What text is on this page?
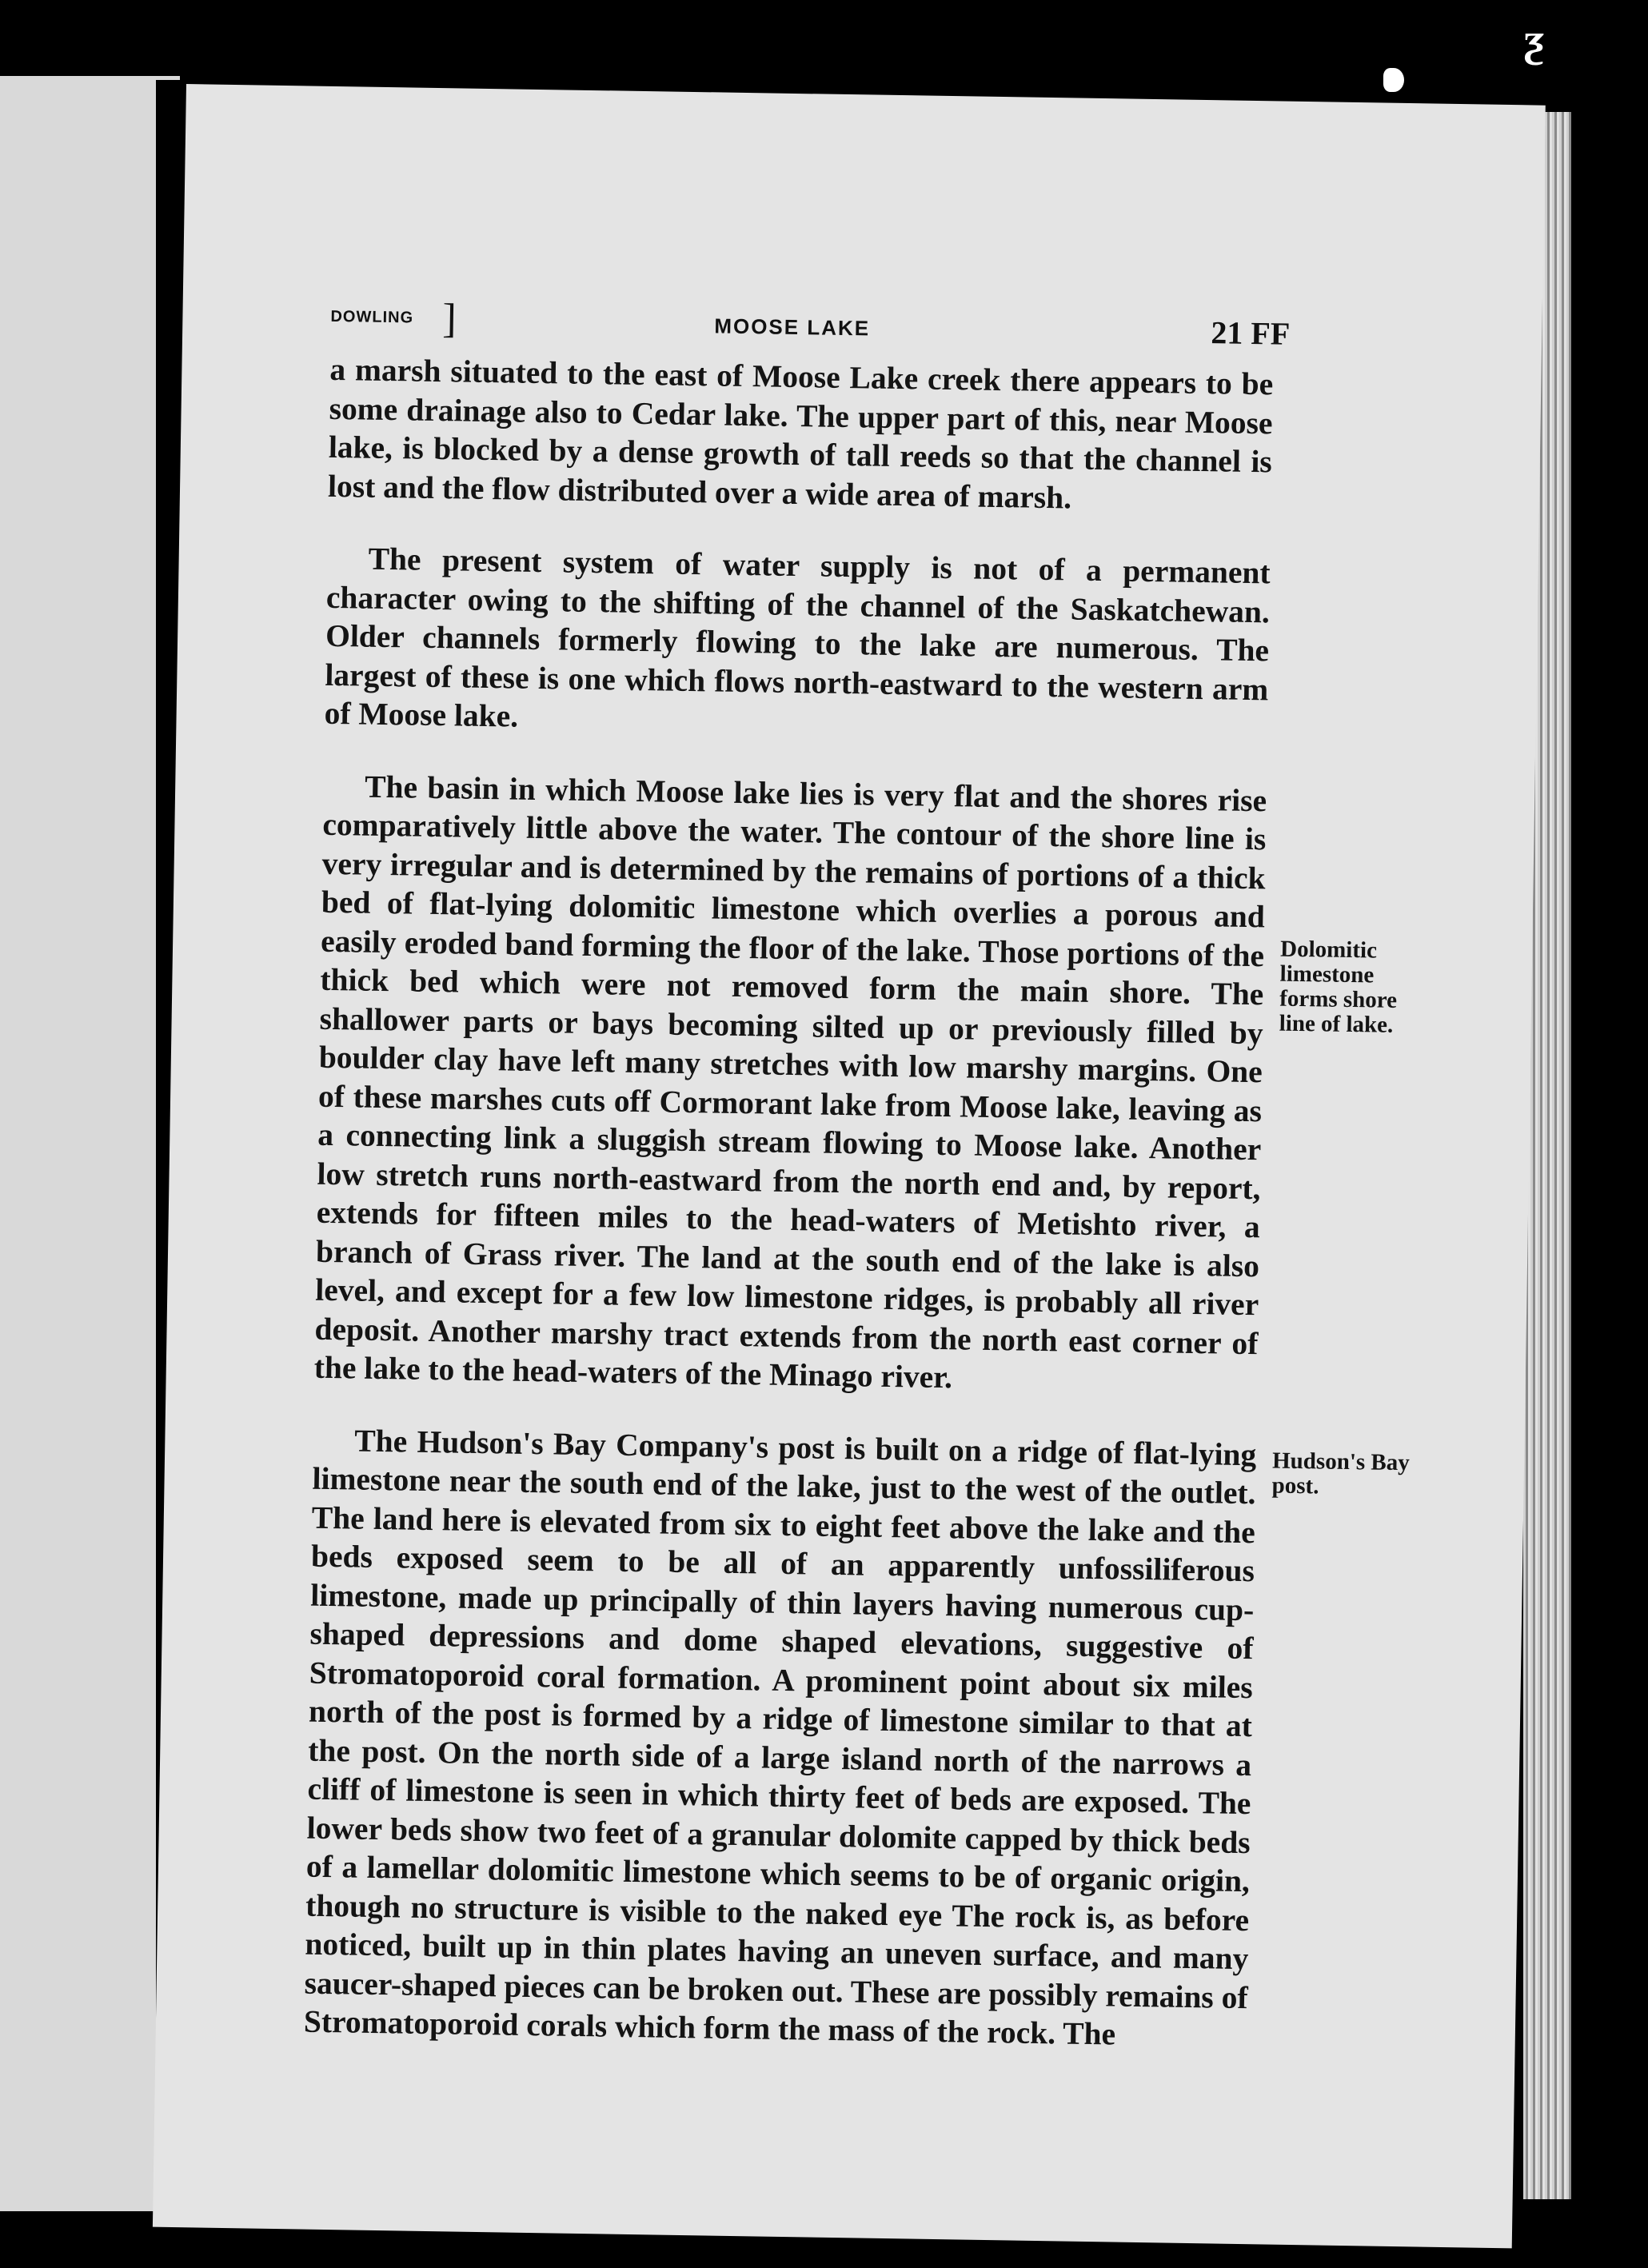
ƺ
DOWLING ]	MOOSE LAKE	21 FF

a marsh situated to the east of Moose Lake creek there appears to be some drainage also to Cedar lake. The upper part of this, near Moose lake, is blocked by a dense growth of tall reeds so that the channel is lost and the flow distributed over a wide area of marsh.

The present system of water supply is not of a permanent character owing to the shifting of the channel of the Saskatchewan. Older channels formerly flowing to the lake are numerous. The largest of these is one which flows north-eastward to the western arm of Moose lake.

The basin in which Moose lake lies is very flat and the shores rise comparatively little above the water. The contour of the shore line is very irregular and is determined by the remains of portions of a thick bed of flat-lying dolomitic limestone which overlies a porous and easily eroded band forming the floor of the lake. Those portions of the thick bed which were not removed form the main shore. The shallower parts or bays becoming silted up or previously filled by boulder clay have left many stretches with low marshy margins. One of these marshes cuts off Cormorant lake from Moose lake, leaving as a connecting link a sluggish stream flowing to Moose lake. Another low stretch runs north-eastward from the north end and, by report, extends for fifteen miles to the head-waters of Metishto river, a branch of Grass river. The land at the south end of the lake is also level, and except for a few low limestone ridges, is probably all river deposit. Another marshy tract extends from the north east corner of the lake to the head-waters of the Minago river.

The Hudson's Bay Company's post is built on a ridge of flat-lying limestone near the south end of the lake, just to the west of the outlet. The land here is elevated from six to eight feet above the lake and the beds exposed seem to be all of an apparently unfossiliferous limestone, made up principally of thin layers having numerous cup-shaped depressions and dome shaped elevations, suggestive of Stromatoporoid coral formation. A prominent point about six miles north of the post is formed by a ridge of limestone similar to that at the post. On the north side of a large island north of the narrows a cliff of limestone is seen in which thirty feet of beds are exposed. The lower beds show two feet of a granular dolomite capped by thick beds of a lamellar dolomitic limestone which seems to be of organic origin, though no structure is visible to the naked eye The rock is, as before noticed, built up in thin plates having an uneven surface, and many saucer-shaped pieces can be broken out. These are possibly remains of Stromatoporoid corals which form the mass of the rock. The

Dolomitic limestone forms shore line of lake.
Hudson's Bay post.
